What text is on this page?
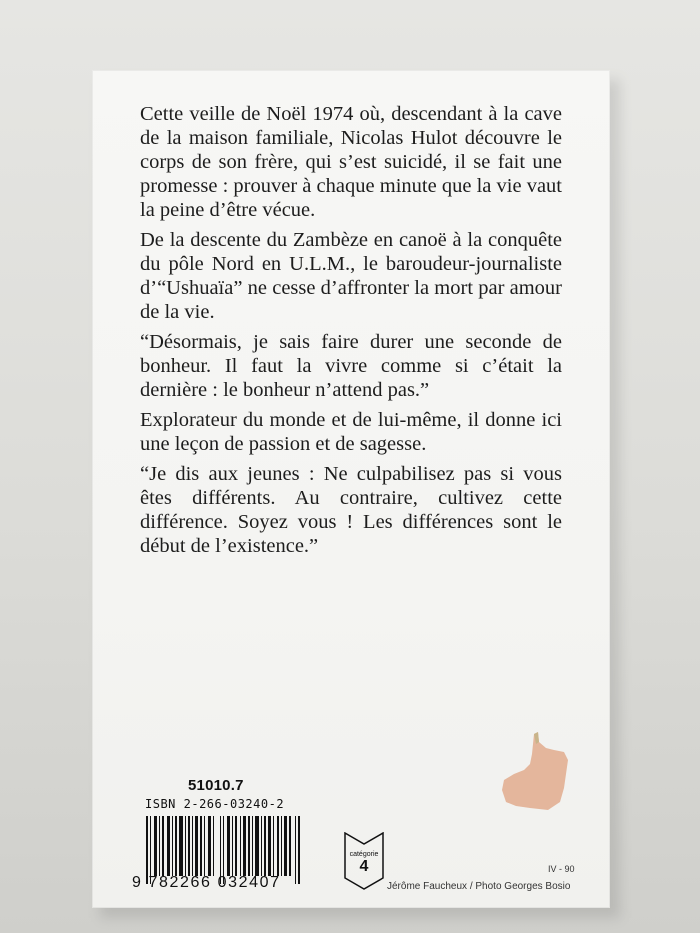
Cette veille de Noël 1974 où, descendant à la cave de la maison familiale, Nicolas Hulot découvre le corps de son frère, qui s’est suicidé, il se fait une promesse : prouver à chaque minute que la vie vaut la peine d’être vécue.

De la descente du Zambèze en canoë à la conquête du pôle Nord en U.L.M., le baroudeur-journaliste d’“Ushuaïa” ne cesse d’affronter la mort par amour de la vie.

“Désormais, je sais faire durer une seconde de bonheur. Il faut la vivre comme si c’était la dernière : le bonheur n’attend pas.”

Explorateur du monde et de lui-même, il donne ici une leçon de passion et de sagesse.

“Je dis aux jeunes : Ne culpabilisez pas si vous êtes différents. Au contraire, cultivez cette différence. Soyez vous ! Les différences sont le début de l’existence.”

51010.7
ISBN 2-266-03240-2
9 782266 032407
catégorie
4	IV - 90
Jérôme Faucheux / Photo Georges Bosio
